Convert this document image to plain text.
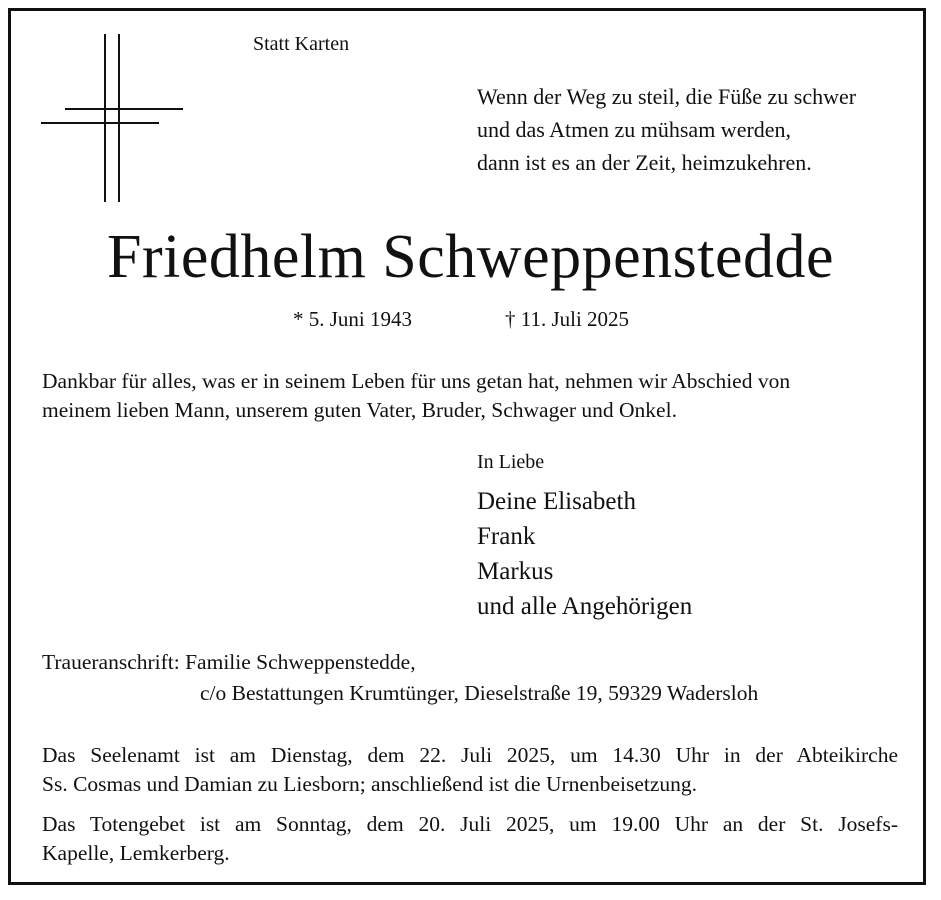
Statt Karten
Wenn der Weg zu steil, die Füße zu schwer
und das Atmen zu mühsam werden,
dann ist es an der Zeit, heimzukehren.
Friedhelm Schweppenstedde
* 5. Juni 1943	† 11. Juli 2025
Dankbar für alles, was er in seinem Leben für uns getan hat, nehmen wir Abschied von
meinem lieben Mann, unserem guten Vater, Bruder, Schwager und Onkel.
In Liebe
Deine Elisabeth
Frank
Markus
und alle Angehörigen
Traueranschrift: Familie Schweppenstedde,
c/o Bestattungen Krumtünger, Dieselstraße 19, 59329 Wadersloh
Das Seelenamt ist am Dienstag, dem 22. Juli 2025, um 14.30 Uhr in der Abteikirche
Ss. Cosmas und Damian zu Liesborn; anschließend ist die Urnenbeisetzung.
Das Totengebet ist am Sonntag, dem 20. Juli 2025, um 19.00 Uhr an der St. Josefs-
Kapelle, Lemkerberg.
